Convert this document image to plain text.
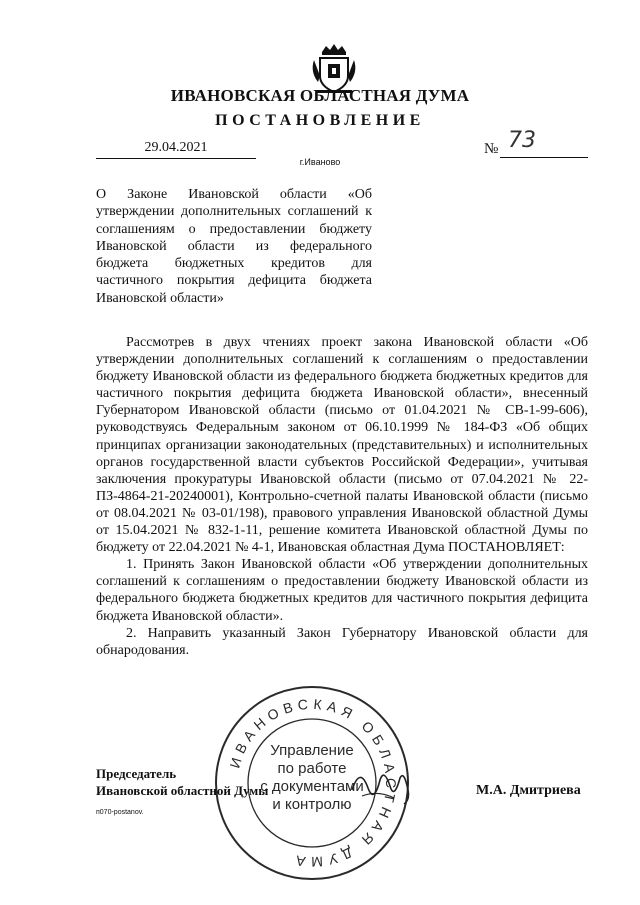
ИВАНОВСКАЯ ОБЛАСТНАЯ ДУМА
ПОСТАНОВЛЕНИЕ
29.04.2021
г.Иваново
№ 73
О Законе Ивановской области «Об утверждении дополнительных соглашений к соглашениям о предоставлении бюджету Ивановской области из федерального бюджета бюджетных кредитов для частичного покрытия дефицита бюджета Ивановской области»

Рассмотрев в двух чтениях проект закона Ивановской области «Об утверждении дополнительных соглашений к соглашениям о предоставлении бюджету Ивановской области из федерального бюджета бюджетных кредитов для частичного покрытия дефицита бюджета Ивановской области», внесенный Губернатором Ивановской области (письмо от 01.04.2021 № СВ-1-99-606), руководствуясь Федеральным законом от 06.10.1999 № 184-ФЗ «Об общих принципах организации законодательных (представительных) и исполнительных органов государственной власти субъектов Российской Федерации», учитывая заключения прокуратуры Ивановской области (письмо от 07.04.2021 № 22-ПЗ-4864-21-20240001), Контрольно-счетной палаты Ивановской области (письмо от 08.04.2021 № 03-01/198), правового управления Ивановской областной Думы от 15.04.2021 № 832-1-11, решение комитета Ивановской областной Думы по бюджету от 22.04.2021 № 4-1, Ивановская областная Дума ПОСТАНОВЛЯЕТ:

1. Принять Закон Ивановской области «Об утверждении дополнительных соглашений к соглашениям о предоставлении бюджету Ивановской области из федерального бюджета бюджетных кредитов для частичного покрытия дефицита бюджета Ивановской области».

2. Направить указанный Закон Губернатору Ивановской области для обнародования.

ИВАНОВСКАЯ ОБЛАСТНАЯ ДУМА
Управление
по работе
с документами
и контролю
Председатель
Ивановской областной Думы	М.А. Дмитриева
п070-postanov.
